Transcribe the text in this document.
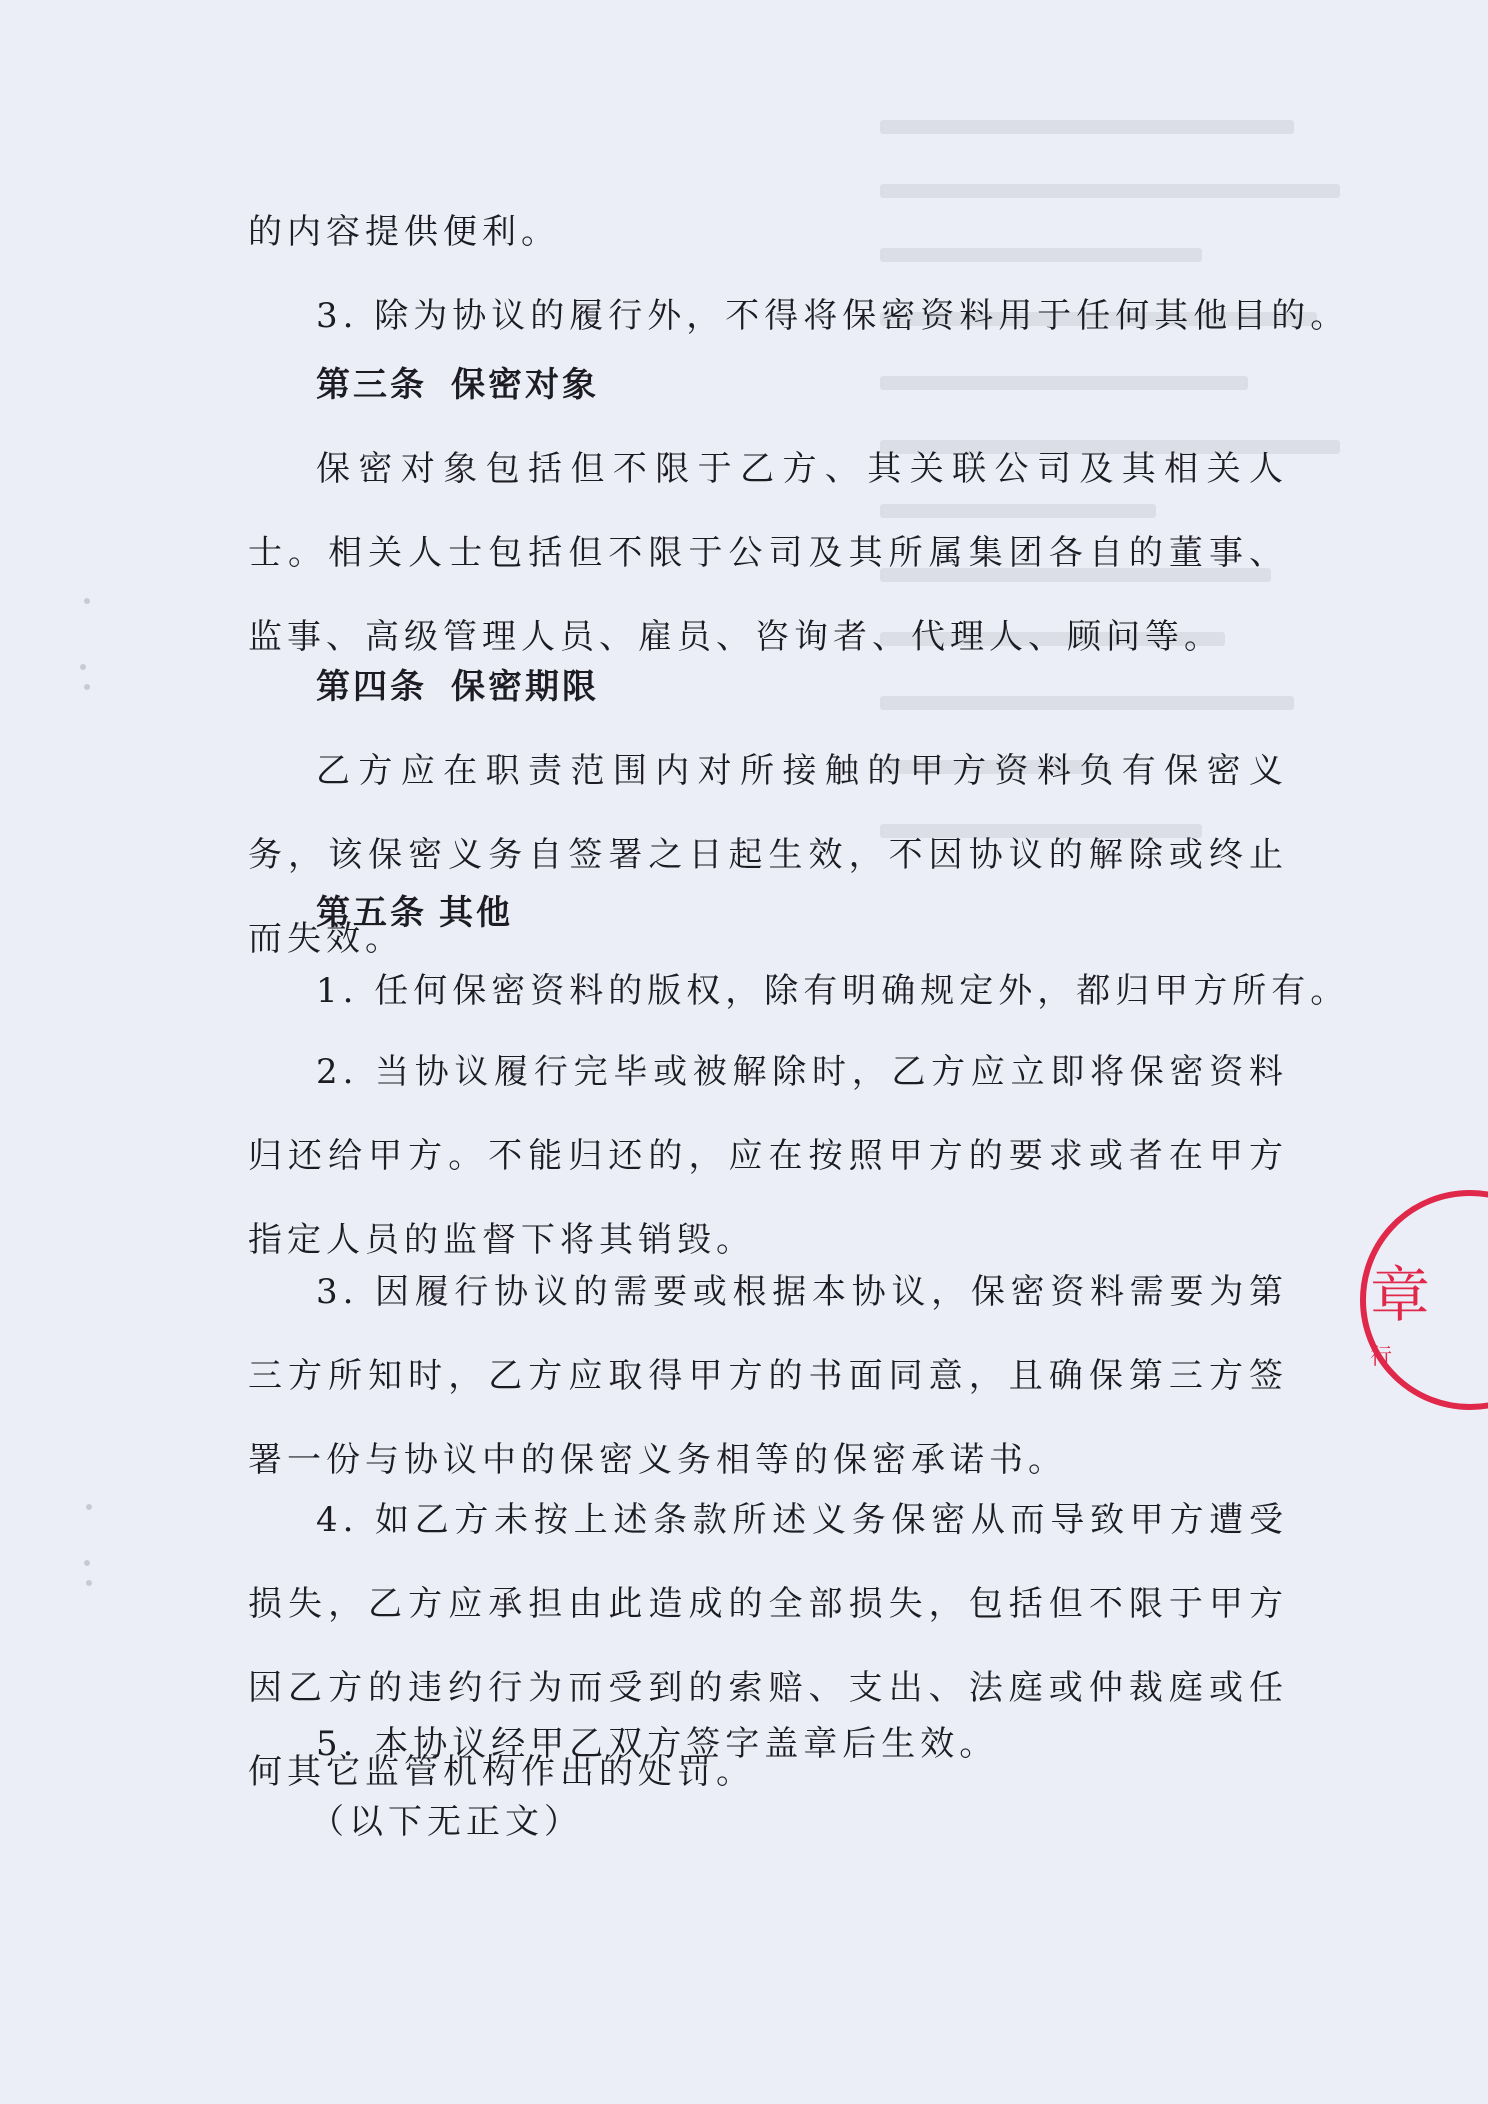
的内容提供便利。

3. 除为协议的履行外，不得将保密资料用于任何其他目的。

第三条 保密对象

保密对象包括但不限于乙方、其关联公司及其相关人士。相关人士包括但不限于公司及其所属集团各自的董事、监事、高级管理人员、雇员、咨询者、代理人、顾问等。

第四条 保密期限

乙方应在职责范围内对所接触的甲方资料负有保密义务，该保密义务自签署之日起生效，不因协议的解除或终止而失效。

第五条 其他

1. 任何保密资料的版权，除有明确规定外，都归甲方所有。

2. 当协议履行完毕或被解除时，乙方应立即将保密资料归还给甲方。不能归还的，应在按照甲方的要求或者在甲方指定人员的监督下将其销毁。

3. 因履行协议的需要或根据本协议，保密资料需要为第三方所知时，乙方应取得甲方的书面同意，且确保第三方签署一份与协议中的保密义务相等的保密承诺书。

4. 如乙方未按上述条款所述义务保密从而导致甲方遭受损失，乙方应承担由此造成的全部损失，包括但不限于甲方因乙方的违约行为而受到的索赔、支出、法庭或仲裁庭或任何其它监管机构作出的处罚。

5. 本协议经甲乙双方签字盖章后生效。

（以下无正文）

章
行
